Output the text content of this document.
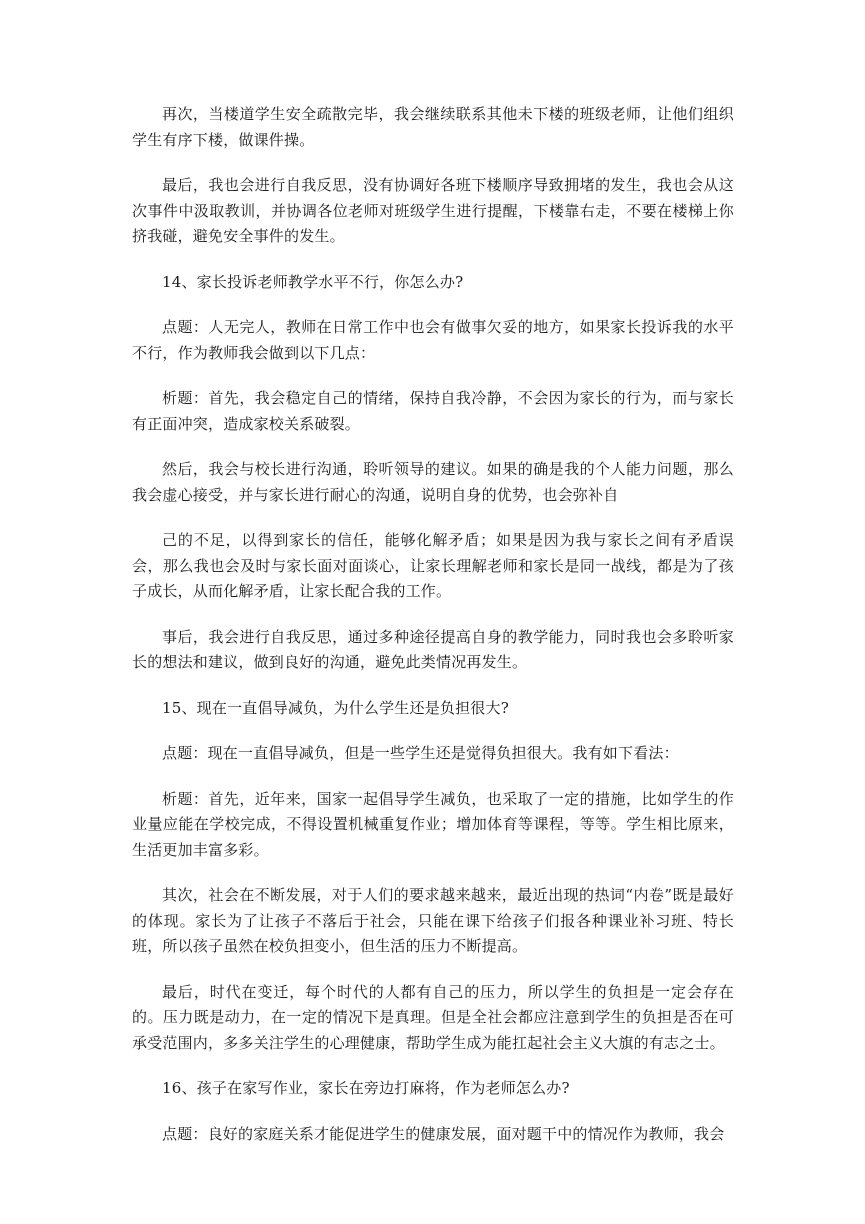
再次，当楼道学生安全疏散完毕，我会继续联系其他未下楼的班级老师，让他们组织学生有序下楼，做课件操。

最后，我也会进行自我反思，没有协调好各班下楼顺序导致拥堵的发生，我也会从这次事件中汲取教训，并协调各位老师对班级学生进行提醒，下楼靠右走，不要在楼梯上你挤我碰，避免安全事件的发生。

14、家长投诉老师教学水平不行，你怎么办?

点题：人无完人，教师在日常工作中也会有做事欠妥的地方，如果家长投诉我的水平不行，作为教师我会做到以下几点：

析题：首先，我会稳定自己的情绪，保持自我冷静，不会因为家长的行为，而与家长有正面冲突，造成家校关系破裂。

然后，我会与校长进行沟通，聆听领导的建议。如果的确是我的个人能力问题，那么我会虚心接受，并与家长进行耐心的沟通，说明自身的优势，也会弥补自

己的不足，以得到家长的信任，能够化解矛盾；如果是因为我与家长之间有矛盾误会，那么我也会及时与家长面对面谈心，让家长理解老师和家长是同一战线，都是为了孩子成长，从而化解矛盾，让家长配合我的工作。

事后，我会进行自我反思，通过多种途径提高自身的教学能力，同时我也会多聆听家长的想法和建议，做到良好的沟通，避免此类情况再发生。

15、现在一直倡导减负，为什么学生还是负担很大?

点题：现在一直倡导减负，但是一些学生还是觉得负担很大。我有如下看法：

析题：首先，近年来，国家一起倡导学生减负，也采取了一定的措施，比如学生的作业量应能在学校完成，不得设置机械重复作业；增加体育等课程，等等。学生相比原来，生活更加丰富多彩。

其次，社会在不断发展，对于人们的要求越来越来，最近出现的热词“内卷”既是最好的体现。家长为了让孩子不落后于社会，只能在课下给孩子们报各种课业补习班、特长班，所以孩子虽然在校负担变小，但生活的压力不断提高。

最后，时代在变迁，每个时代的人都有自己的压力，所以学生的负担是一定会存在的。压力既是动力，在一定的情况下是真理。但是全社会都应注意到学生的负担是否在可承受范围内，多多关注学生的心理健康，帮助学生成为能扛起社会主义大旗的有志之士。

16、孩子在家写作业，家长在旁边打麻将，作为老师怎么办?

点题：良好的家庭关系才能促进学生的健康发展，面对题干中的情况作为教师，我会
